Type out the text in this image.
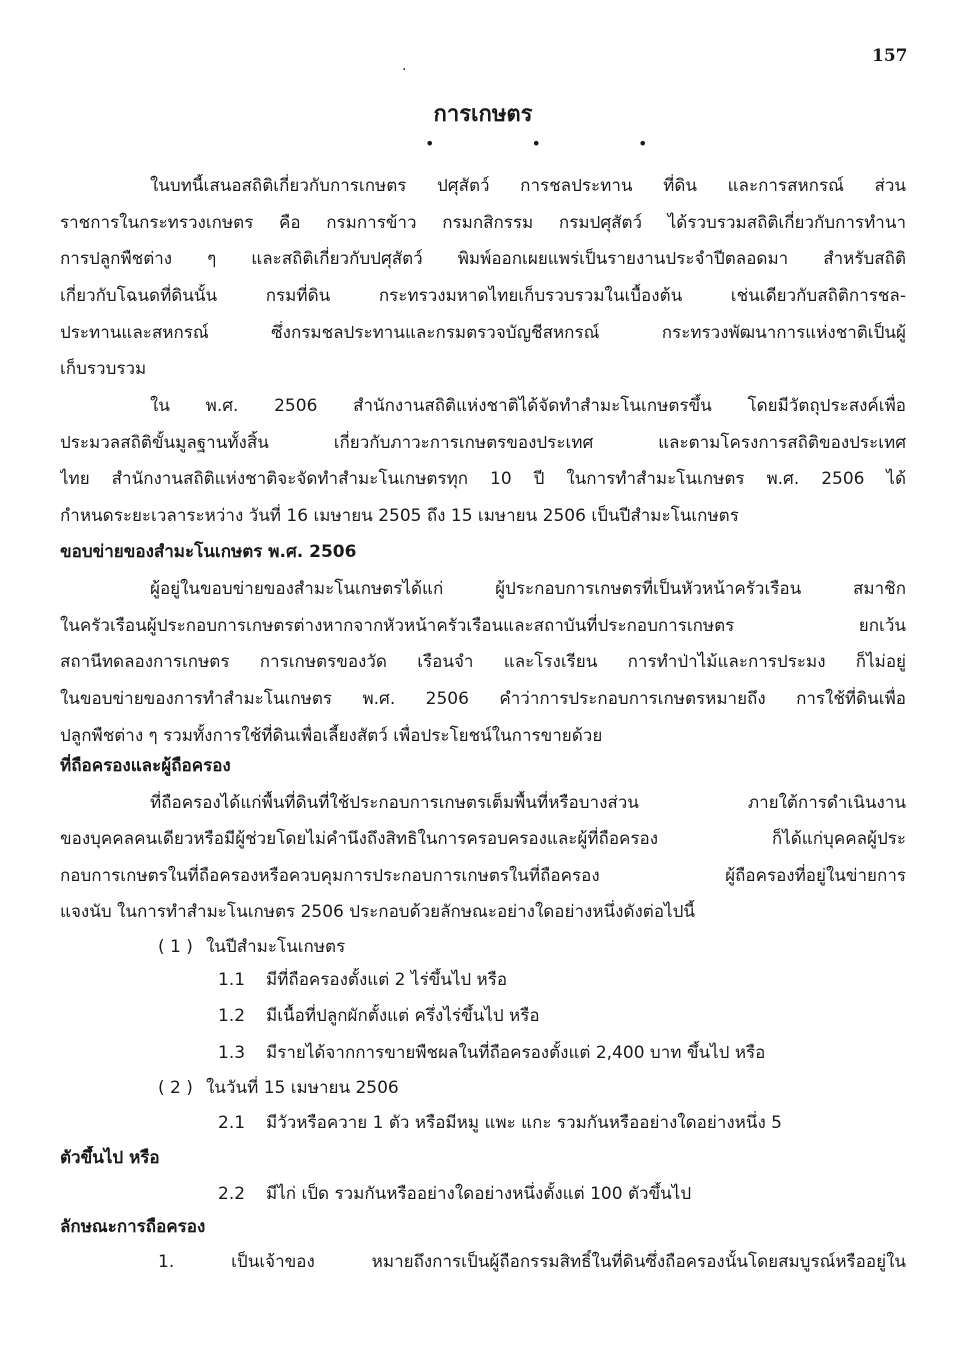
157
.
การเกษตร
• • •
ในบทนี้เสนอสถิติเกี่ยวกับการเกษตร ปศุสัตว์ การชลประทาน ที่ดิน และการสหกรณ์ ส่วน
ราชการในกระทรวงเกษตร คือ กรมการข้าว กรมกสิกรรม กรมปศุสัตว์ ได้รวบรวมสถิติเกี่ยวกับการทำนา
การปลูกพืชต่าง ๆ และสถิติเกี่ยวกับปศุสัตว์ พิมพ์ออกเผยแพร่เป็นรายงานประจำปีตลอดมา สำหรับสถิติ
เกี่ยวกับโฉนดที่ดินนั้น กรมที่ดิน กระทรวงมหาดไทยเก็บรวบรวมในเบื้องต้น เช่นเดียวกับสถิติการชล-
ประทานและสหกรณ์ ซึ่งกรมชลประทานและกรมตรวจบัญชีสหกรณ์ กระทรวงพัฒนาการแห่งชาติเป็นผู้
เก็บรวบรวม
ใน พ.ศ. 2506 สำนักงานสถิติแห่งชาติได้จัดทำสำมะโนเกษตรขึ้น โดยมีวัตถุประสงค์เพื่อ
ประมวลสถิติขั้นมูลฐานทั้งสิ้น เกี่ยวกับภาวะการเกษตรของประเทศ และตามโครงการสถิติของประเทศ
ไทย สำนักงานสถิติแห่งชาติจะจัดทำสำมะโนเกษตรทุก 10 ปี ในการทำสำมะโนเกษตร พ.ศ. 2506 ได้
กำหนดระยะเวลาระหว่าง วันที่ 16 เมษายน 2505 ถึง 15 เมษายน 2506 เป็นปีสำมะโนเกษตร
ขอบข่ายของสำมะโนเกษตร พ.ศ. 2506
ผู้อยู่ในขอบข่ายของสำมะโนเกษตรได้แก่ ผู้ประกอบการเกษตรที่เป็นหัวหน้าครัวเรือน สมาชิก
ในครัวเรือนผู้ประกอบการเกษตรต่างหากจากหัวหน้าครัวเรือนและสถาบันที่ประกอบการเกษตร ยกเว้น
สถานีทดลองการเกษตร การเกษตรของวัด เรือนจำ และโรงเรียน การทำป่าไม้และการประมง ก็ไม่อยู่
ในขอบข่ายของการทำสำมะโนเกษตร พ.ศ. 2506 คำว่าการประกอบการเกษตรหมายถึง การใช้ที่ดินเพื่อ
ปลูกพืชต่าง ๆ รวมทั้งการใช้ที่ดินเพื่อเลี้ยงสัตว์ เพื่อประโยชน์ในการขายด้วย
ที่ถือครองและผู้ถือครอง
ที่ถือครองได้แก่พื้นที่ดินที่ใช้ประกอบการเกษตรเต็มพื้นที่หรือบางส่วน ภายใต้การดำเนินงาน
ของบุคคลคนเดียวหรือมีผู้ช่วยโดยไม่คำนึงถึงสิทธิในการครอบครองและผู้ที่ถือครอง ก็ได้แก่บุคคลผู้ประ
กอบการเกษตรในที่ถือครองหรือควบคุมการประกอบการเกษตรในที่ถือครอง ผู้ถือครองที่อยู่ในข่ายการ
แจงนับ ในการทำสำมะโนเกษตร 2506 ประกอบด้วยลักษณะอย่างใดอย่างหนึ่งดังต่อไปนี้
( 1 ) ในปีสำมะโนเกษตร
1.1 มีที่ถือครองตั้งแต่ 2 ไร่ขึ้นไป หรือ
1.2 มีเนื้อที่ปลูกผักตั้งแต่ ครึ่งไร่ขึ้นไป หรือ
1.3 มีรายได้จากการขายพืชผลในที่ถือครองตั้งแต่ 2,400 บาท ขึ้นไป หรือ
( 2 ) ในวันที่ 15 เมษายน 2506
2.1 มีวัวหรือควาย 1 ตัว หรือมีหมู แพะ แกะ รวมกันหรืออย่างใดอย่างหนึ่ง 5
ตัวขึ้นไป หรือ
2.2 มีไก่ เป็ด รวมกันหรืออย่างใดอย่างหนึ่งตั้งแต่ 100 ตัวขึ้นไป
ลักษณะการถือครอง
1. เป็นเจ้าของ หมายถึงการเป็นผู้ถือกรรมสิทธิ์ในที่ดินซึ่งถือครองนั้นโดยสมบูรณ์หรืออยู่ใน
